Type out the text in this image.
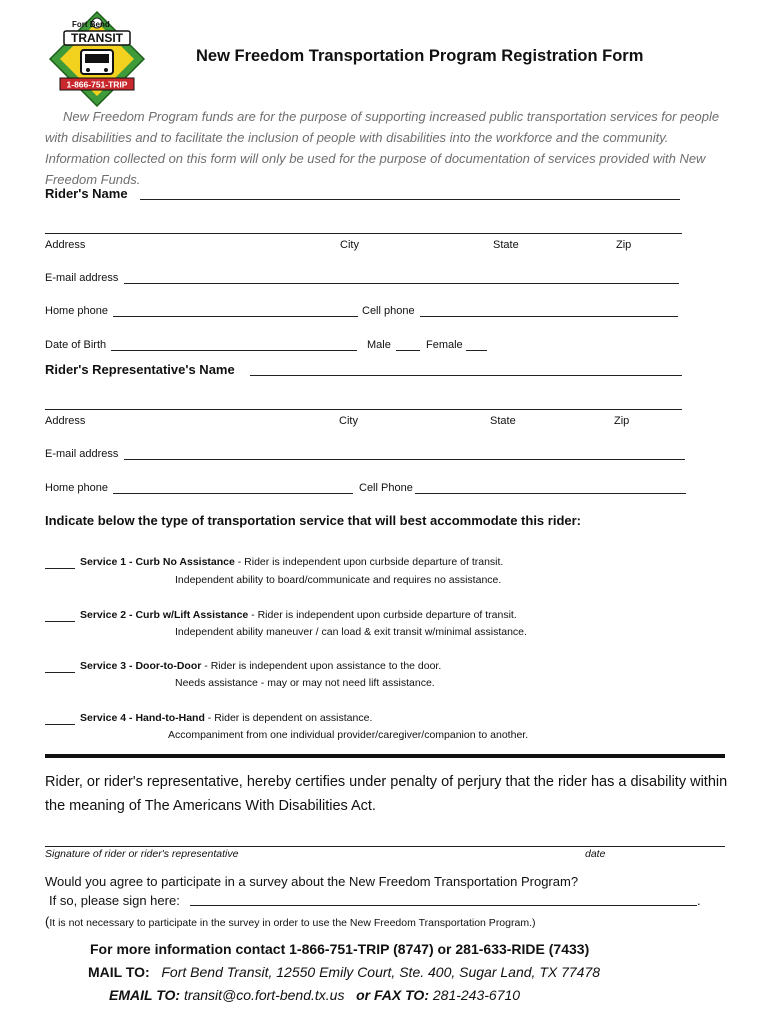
Fort Bend
TRANSIT
1-866-751-TRIP
New Freedom Transportation Program Registration Form
New Freedom Program funds are for the purpose of supporting increased public transportation services for people with disabilities and to facilitate the inclusion of people with disabilities into the workforce and the community. Information collected on this form will only be used for the purpose of documentation of services provided with New Freedom Funds.
Rider's Name
Address	City	State	Zip
E-mail address
Home phone	Cell phone
Date of Birth	Male	Female
Rider's Representative's Name
Address	City	State	Zip
E-mail address
Home phone	Cell Phone
Indicate below the type of transportation service that will best accommodate this rider:
Service 1 - Curb No Assistance - Rider is independent upon curbside departure of transit.
Independent ability to board/communicate and requires no assistance.
Service 2 - Curb w/Lift Assistance - Rider is independent upon curbside departure of transit.
Independent ability maneuver / can load & exit transit w/minimal assistance.
Service 3 - Door-to-Door - Rider is independent upon assistance to the door.
Needs assistance - may or may not need lift assistance.
Service 4 - Hand-to-Hand - Rider is dependent on assistance.
Accompaniment from one individual provider/caregiver/companion to another.
Rider, or rider's representative, hereby certifies under penalty of perjury that the rider has a disability within the meaning of The Americans With Disabilities Act.
Signature of rider or rider's representative	date
Would you agree to participate in a survey about the New Freedom Transportation Program?
If so, please sign here:	.
(It is not necessary to participate in the survey in order to use the New Freedom Transportation Program.)
For more information contact 1-866-751-TRIP (8747) or 281-633-RIDE (7433)
MAIL TO: Fort Bend Transit, 12550 Emily Court, Ste. 400, Sugar Land, TX 77478
EMAIL TO: transit@co.fort-bend.tx.us or FAX TO: 281-243-6710
